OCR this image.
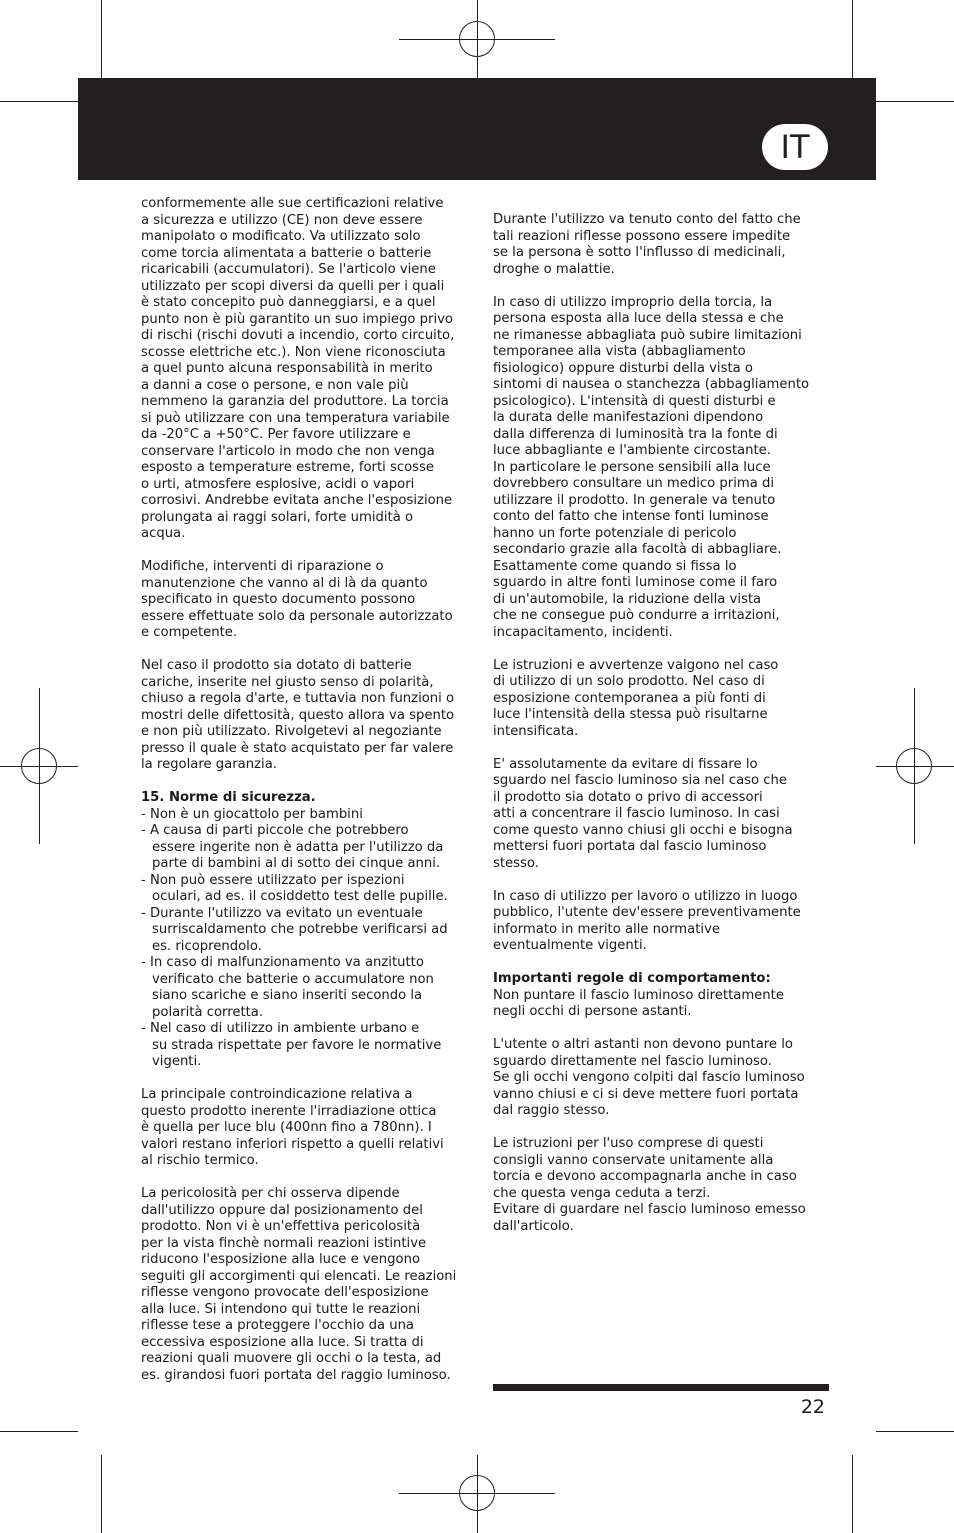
IT

conformemente alle sue certificazioni relative
a sicurezza e utilizzo (CE) non deve essere
manipolato o modificato. Va utilizzato solo
come torcia alimentata a batterie o batterie
ricaricabili (accumulatori). Se l'articolo viene
utilizzato per scopi diversi da quelli per i quali
è stato concepito può danneggiarsi, e a quel
punto non è più garantito un suo impiego privo
di rischi (rischi dovuti a incendio, corto circuito,
scosse elettriche etc.). Non viene riconosciuta
a quel punto alcuna responsabilità in merito
a danni a cose o persone, e non vale più
nemmeno la garanzia del produttore. La torcia
si può utilizzare con una temperatura variabile
da -20°C a +50°C. Per favore utilizzare e
conservare l'articolo in modo che non venga
esposto a temperature estreme, forti scosse
o urti, atmosfere esplosive, acidi o vapori
corrosivi. Andrebbe evitata anche l'esposizione
prolungata ai raggi solari, forte umidità o
acqua.

Modifiche, interventi di riparazione o
manutenzione che vanno al di là da quanto
specificato in questo documento possono
essere effettuate solo da personale autorizzato
e competente.

Nel caso il prodotto sia dotato di batterie
cariche, inserite nel giusto senso di polarità,
chiuso a regola d'arte, e tuttavia non funzioni o
mostri delle difettosità, questo allora va spento
e non più utilizzato. Rivolgetevi al negoziante
presso il quale è stato acquistato per far valere
la regolare garanzia.

15. Norme di sicurezza.

- Non è un giocattolo per bambini
- A causa di parti piccole che potrebbero
essere ingerite non è adatta per l'utilizzo da
parte di bambini al di sotto dei cinque anni.
- Non può essere utilizzato per ispezioni
oculari, ad es. il cosiddetto test delle pupille.
- Durante l'utilizzo va evitato un eventuale
surriscaldamento che potrebbe verificarsi ad
es. ricoprendolo.
- In caso di malfunzionamento va anzitutto
verificato che batterie o accumulatore non
siano scariche e siano inseriti secondo la
polarità corretta.
- Nel caso di utilizzo in ambiente urbano e
su strada rispettate per favore le normative
vigenti.

La principale controindicazione relativa a
questo prodotto inerente l'irradiazione ottica
è quella per luce blu (400nn fino a 780nn). I
valori restano inferiori rispetto a quelli relativi
al rischio termico.

La pericolosità per chi osserva dipende
dall'utilizzo oppure dal posizionamento del
prodotto. Non vi è un'effettiva pericolosità
per la vista finchè normali reazioni istintive
riducono l'esposizione alla luce e vengono
seguiti gli accorgimenti qui elencati. Le reazioni
riflesse vengono provocate dell'esposizione
alla luce. Si intendono qui tutte le reazioni
riflesse tese a proteggere l'occhio da una
eccessiva esposizione alla luce. Si tratta di
reazioni quali muovere gli occhi o la testa, ad
es. girandosi fuori portata del raggio luminoso.

Durante l'utilizzo va tenuto conto del fatto che
tali reazioni riflesse possono essere impedite
se la persona è sotto l'influsso di medicinali,
droghe o malattie.

In caso di utilizzo improprio della torcia, la
persona esposta alla luce della stessa e che
ne rimanesse abbagliata può subire limitazioni
temporanee alla vista (abbagliamento
fisiologico) oppure disturbi della vista o
sintomi di nausea o stanchezza (abbagliamento
psicologico). L'intensità di questi disturbi e
la durata delle manifestazioni dipendono
dalla differenza di luminosità tra la fonte di
luce abbagliante e l'ambiente circostante.
In particolare le persone sensibili alla luce
dovrebbero consultare un medico prima di
utilizzare il prodotto. In generale va tenuto
conto del fatto che intense fonti luminose
hanno un forte potenziale di pericolo
secondario grazie alla facoltà di abbagliare.
Esattamente come quando si fissa lo
sguardo in altre fonti luminose come il faro
di un'automobile, la riduzione della vista
che ne consegue può condurre a irritazioni,
incapacitamento, incidenti.

Le istruzioni e avvertenze valgono nel caso
di utilizzo di un solo prodotto. Nel caso di
esposizione contemporanea a più fonti di
luce l'intensità della stessa può risultarne
intensificata.

E' assolutamente da evitare di fissare lo
sguardo nel fascio luminoso sia nel caso che
il prodotto sia dotato o privo di accessori
atti a concentrare il fascio luminoso. In casi
come questo vanno chiusi gli occhi e bisogna
mettersi fuori portata dal fascio luminoso
stesso.

In caso di utilizzo per lavoro o utilizzo in luogo
pubblico, l'utente dev'essere preventivamente
informato in merito alle normative
eventualmente vigenti.

Importanti regole di comportamento:

Non puntare il fascio luminoso direttamente
negli occhi di persone astanti.

L'utente o altri astanti non devono puntare lo
sguardo direttamente nel fascio luminoso.
Se gli occhi vengono colpiti dal fascio luminoso
vanno chiusi e ci si deve mettere fuori portata
dal raggio stesso.

Le istruzioni per l'uso comprese di questi
consigli vanno conservate unitamente alla
torcia e devono accompagnarla anche in caso
che questa venga ceduta a terzi.
Evitare di guardare nel fascio luminoso emesso
dall'articolo.

22
